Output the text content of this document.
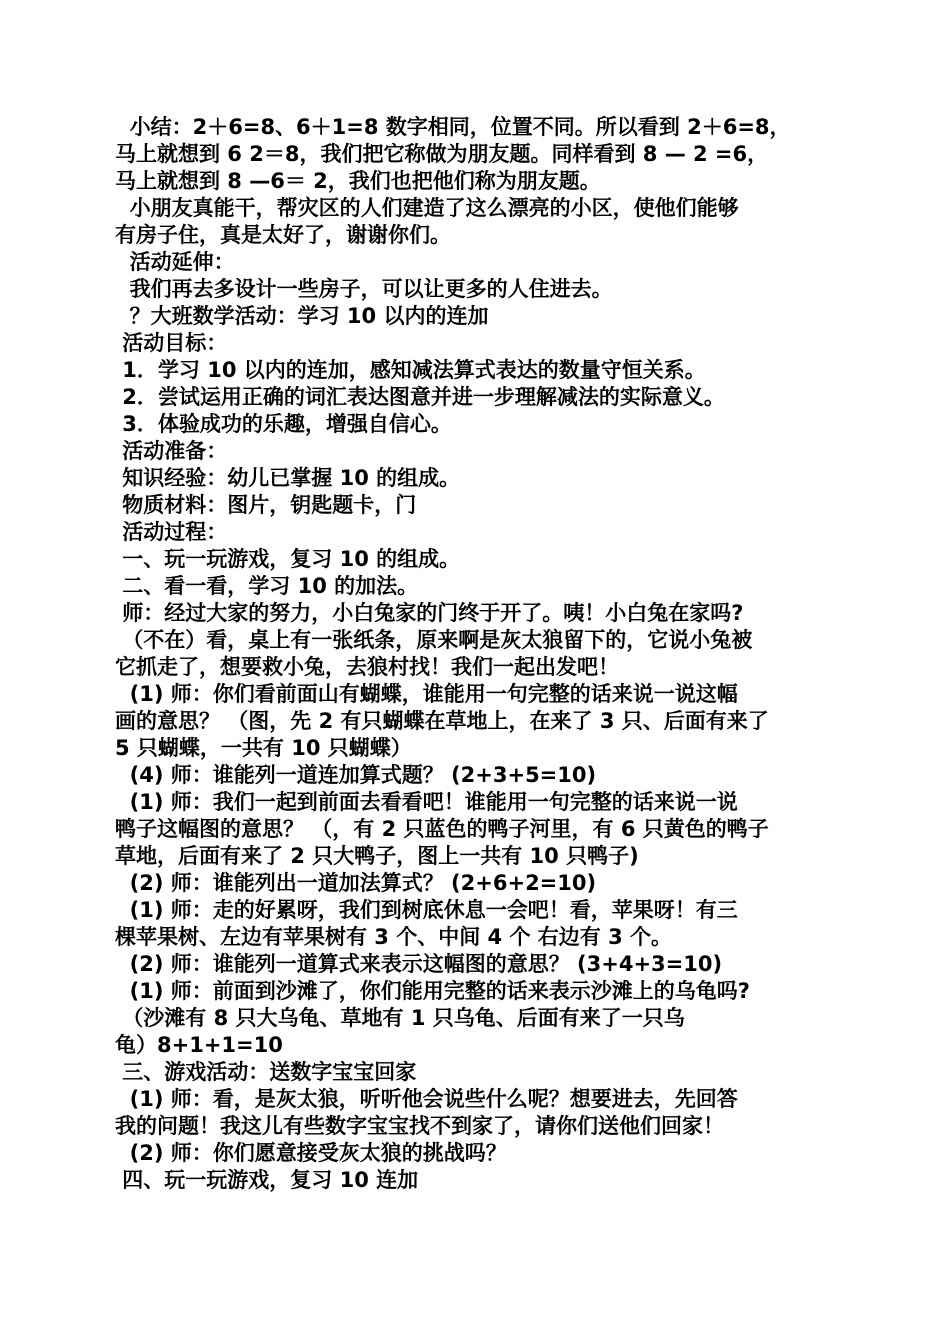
小结：2＋6=8、6＋1=8 数字相同，位置不同。所以看到 2＋6=8，
马上就想到 6 2＝8，我们把它称做为朋友题。同样看到 8 — 2 =6，
马上就想到 8 —6＝ 2，我们也把他们称为朋友题。
小朋友真能干，帮灾区的人们建造了这么漂亮的小区，使他们能够
有房子住，真是太好了，谢谢你们。
活动延伸：
我们再去多设计一些房子，可以让更多的人住进去。
？大班数学活动：学习 10 以内的连加
活动目标：
1．学习 10 以内的连加，感知减法算式表达的数量守恒关系。
2．尝试运用正确的词汇表达图意并进一步理解减法的实际意义。
3．体验成功的乐趣，增强自信心。
活动准备：
知识经验：幼儿已掌握 10 的组成。
物质材料：图片，钥匙题卡，门
活动过程：
一、玩一玩游戏，复习 10 的组成。
二、看一看，学习 10 的加法。
师：经过大家的努力，小白兔家的门终于开了。咦！小白兔在家吗?
（不在）看，桌上有一张纸条，原来啊是灰太狼留下的，它说小兔被
它抓走了，想要救小兔，去狼村找！我们一起出发吧！
(1) 师：你们看前面山有蝴蝶，谁能用一句完整的话来说一说这幅
画的意思？ （图，先 2 有只蝴蝶在草地上，在来了 3 只、后面有来了
5 只蝴蝶，一共有 10 只蝴蝶）
(4) 师：谁能列一道连加算式题？ (2+3+5=10)
(1) 师：我们一起到前面去看看吧！谁能用一句完整的话来说一说
鸭子这幅图的意思？ （，有 2 只蓝色的鸭子河里，有 6 只黄色的鸭子
草地，后面有来了 2 只大鸭子，图上一共有 10 只鸭子)
(2) 师：谁能列出一道加法算式？ (2+6+2=10)
(1) 师：走的好累呀，我们到树底休息一会吧！看，苹果呀！有三
棵苹果树、左边有苹果树有 3 个、中间 4 个 右边有 3 个。
(2) 师：谁能列一道算式来表示这幅图的意思？ (3+4+3=10)
(1) 师：前面到沙滩了，你们能用完整的话来表示沙滩上的乌龟吗?
（沙滩有 8 只大乌龟、草地有 1 只乌龟、后面有来了一只乌
龟）8+1+1=10
三、游戏活动：送数字宝宝回家
(1) 师：看，是灰太狼，听听他会说些什么呢？想要进去，先回答
我的问题！我这儿有些数字宝宝找不到家了，请你们送他们回家！
(2) 师：你们愿意接受灰太狼的挑战吗？
四、玩一玩游戏，复习 10 连加
